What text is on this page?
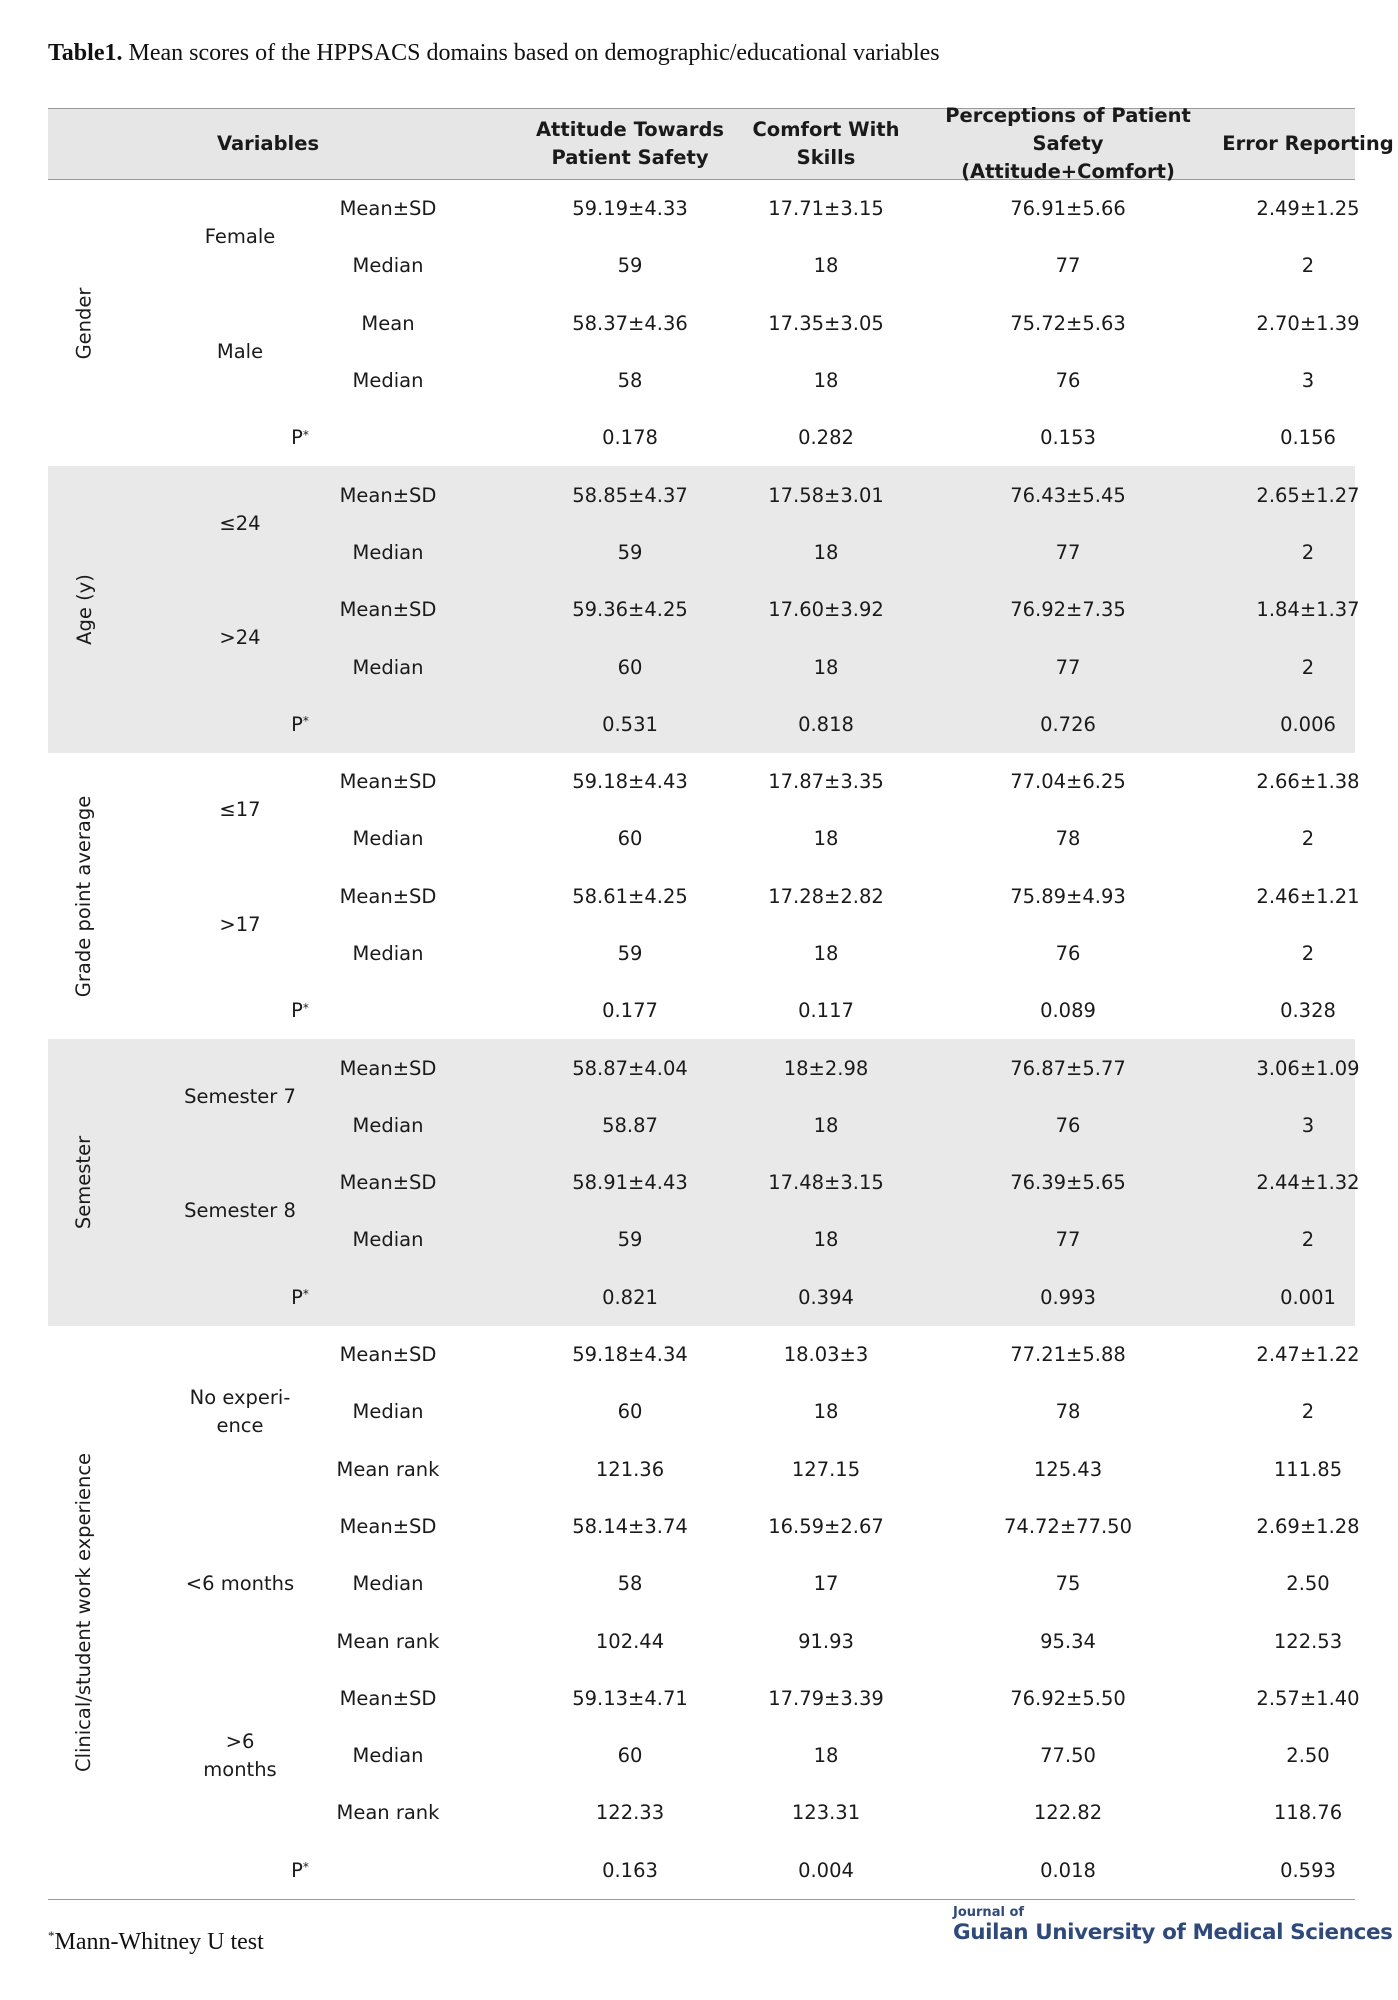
Table1. Mean scores of the HPPSACS domains based on demographic/educational variables
Variables
Attitude Towards Patient Safety
Comfort With Skills
Perceptions of Patient Safety (Attitude+Comfort)
Error Reporting
Gender
Female
Mean±SD	59.19±4.33	17.71±3.15	76.91±5.66	2.49±1.25
Median	59	18	77	2
Male
Mean	58.37±4.36	17.35±3.05	75.72±5.63	2.70±1.39
Median	58	18	76	3
P*	0.178	0.282	0.153	0.156
Age (y)
≤24
Mean±SD	58.85±4.37	17.58±3.01	76.43±5.45	2.65±1.27
Median	59	18	77	2
>24
Mean±SD	59.36±4.25	17.60±3.92	76.92±7.35	1.84±1.37
Median	60	18	77	2
P*	0.531	0.818	0.726	0.006
Grade point average	≤17
Mean±SD	59.18±4.43	17.87±3.35	77.04±6.25	2.66±1.38
Median	60	18	78	2
>17
Mean±SD	58.61±4.25	17.28±2.82	75.89±4.93	2.46±1.21
Median	59	18	76	2
P*	0.177	0.117	0.089	0.328
Semester
Semester 7
Mean±SD	58.87±4.04	18±2.98	76.87±5.77	3.06±1.09
Median	58.87	18	76	3
Semester 8
Mean±SD	58.91±4.43	17.48±3.15	76.39±5.65	2.44±1.32
Median	59	18	77	2
P*	0.821	0.394	0.993	0.001
Clinical/student work experience
No experi-
ence
Mean±SD	59.18±4.34	18.03±3	77.21±5.88	2.47±1.22
Median	60	18	78	2
Mean rank	121.36	127.15	125.43	111.85
<6 months
Mean±SD	58.14±3.74	16.59±2.67	74.72±77.50	2.69±1.28
Median	58	17	75	2.50
Mean rank	102.44	91.93	95.34	122.53
>6
months
Mean±SD	59.13±4.71	17.79±3.39	76.92±5.50	2.57±1.40
Median	60	18	77.50	2.50
Mean rank	122.33	123.31	122.82	118.76
P*	0.163	0.004	0.018	0.593
*Mann-Whitney U test
Journal of
Guilan University of Medical Sciences
